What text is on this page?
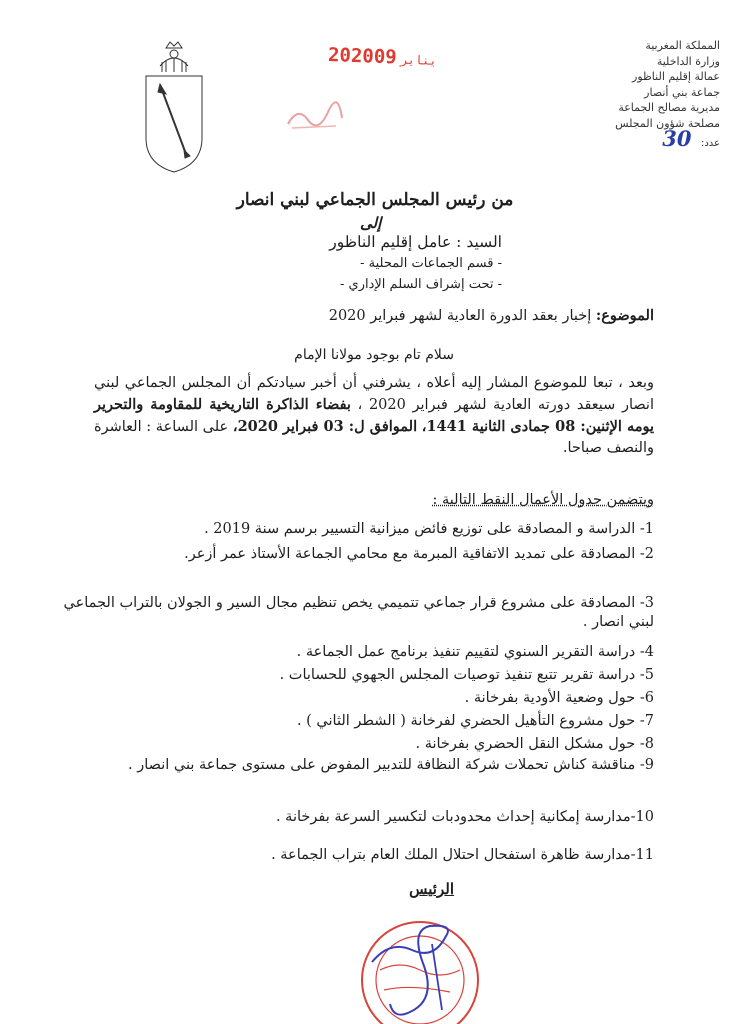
المملكة المغربية
وزارة الداخلية
عمالة إقليم الناظور
جماعة بني أنصار
مديرية مصالح الجماعة
مصلحة شؤون المجلس
عدد: 30
2020 يناير09
من رئيس المجلس الجماعي لبني انصار
إلى
السيد : عامل إقليم الناظور
- قسم الجماعات المحلية -
- تحت إشراف السلم الإداري -
الموضوع: إخبار بعقد الدورة العادية لشهر فبراير 2020
سلام تام بوجود مولانا الإمام
وبعد ، تبعا للموضوع المشار إليه أعلاه ، يشرفني أن أخبر سيادتكم أن المجلس الجماعي لبني انصار سيعقد دورته العادية لشهر فبراير 2020 ، بفضاء الذاكرة التاريخية للمقاومة والتحرير يومه الإثنين: 08 جمادى الثانية 1441، الموافق ل: 03 فبراير 2020، على الساعة : العاشرة والنصف صباحا.
ويتضمن جدول الأعمال النقط التالية :
1- الدراسة و المصادقة على توزيع فائض ميزانية التسيير برسم سنة 2019 .
2- المصادقة على تمديد الاتفاقية المبرمة مع محامي الجماعة الأستاذ عمر أزعر.
3- المصادقة على مشروع قرار جماعي تتميمي يخص تنظيم مجال السير و الجولان بالتراب الجماعي لبني انصار .
4- دراسة التقرير السنوي لتقييم تنفيذ برنامج عمل الجماعة .
5- دراسة تقرير تتبع تنفيذ توصيات المجلس الجهوي للحسابات .
6- حول وضعية الأودية بفرخانة .
7- حول مشروع التأهيل الحضري لفرخانة ( الشطر الثاني ) .
8- حول مشكل النقل الحضري بفرخانة .
9- مناقشة كناش تحملات شركة النظافة للتدبير المفوض على مستوى جماعة بني انصار .
10-مدارسة إمكانية إحداث محدودبات لتكسير السرعة بفرخانة .
11-مدارسة ظاهرة استفحال احتلال الملك العام بتراب الجماعة .
الرئيس
